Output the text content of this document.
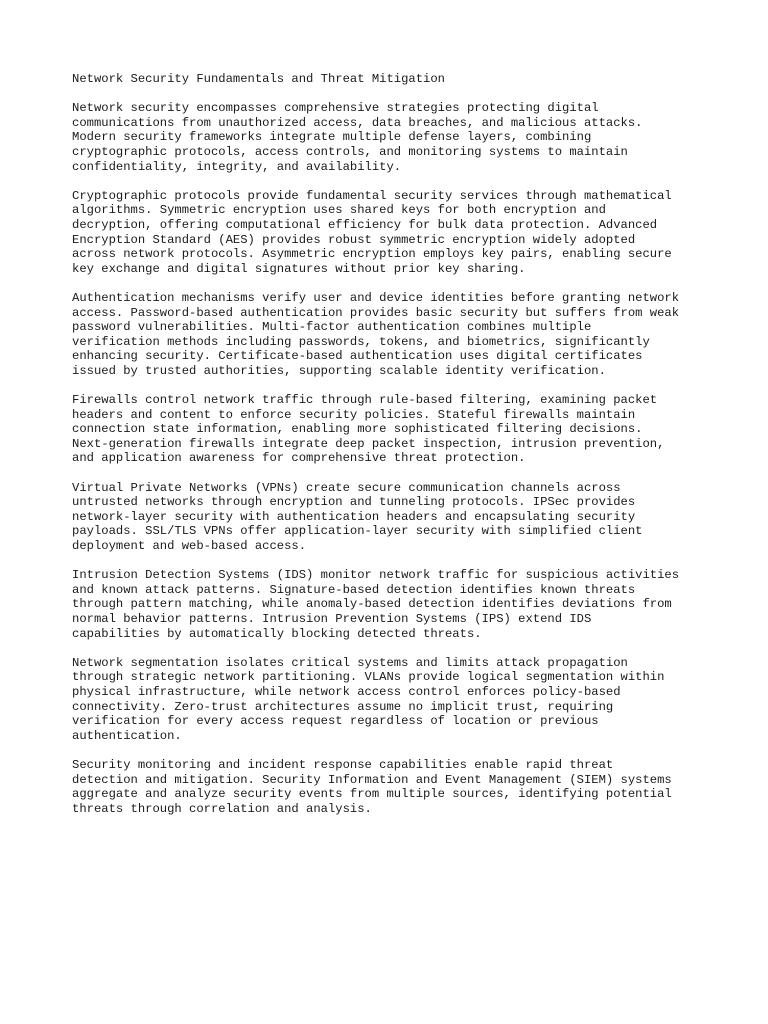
Network Security Fundamentals and Threat Mitigation
Network security encompasses comprehensive strategies protecting digital
communications from unauthorized access, data breaches, and malicious attacks.
Modern security frameworks integrate multiple defense layers, combining
cryptographic protocols, access controls, and monitoring systems to maintain
confidentiality, integrity, and availability.
Cryptographic protocols provide fundamental security services through mathematical
algorithms. Symmetric encryption uses shared keys for both encryption and
decryption, offering computational efficiency for bulk data protection. Advanced
Encryption Standard (AES) provides robust symmetric encryption widely adopted
across network protocols. Asymmetric encryption employs key pairs, enabling secure
key exchange and digital signatures without prior key sharing.
Authentication mechanisms verify user and device identities before granting network
access. Password-based authentication provides basic security but suffers from weak
password vulnerabilities. Multi-factor authentication combines multiple
verification methods including passwords, tokens, and biometrics, significantly
enhancing security. Certificate-based authentication uses digital certificates
issued by trusted authorities, supporting scalable identity verification.
Firewalls control network traffic through rule-based filtering, examining packet
headers and content to enforce security policies. Stateful firewalls maintain
connection state information, enabling more sophisticated filtering decisions.
Next-generation firewalls integrate deep packet inspection, intrusion prevention,
and application awareness for comprehensive threat protection.
Virtual Private Networks (VPNs) create secure communication channels across
untrusted networks through encryption and tunneling protocols. IPSec provides
network-layer security with authentication headers and encapsulating security
payloads. SSL/TLS VPNs offer application-layer security with simplified client
deployment and web-based access.
Intrusion Detection Systems (IDS) monitor network traffic for suspicious activities
and known attack patterns. Signature-based detection identifies known threats
through pattern matching, while anomaly-based detection identifies deviations from
normal behavior patterns. Intrusion Prevention Systems (IPS) extend IDS
capabilities by automatically blocking detected threats.
Network segmentation isolates critical systems and limits attack propagation
through strategic network partitioning. VLANs provide logical segmentation within
physical infrastructure, while network access control enforces policy-based
connectivity. Zero-trust architectures assume no implicit trust, requiring
verification for every access request regardless of location or previous
authentication.
Security monitoring and incident response capabilities enable rapid threat
detection and mitigation. Security Information and Event Management (SIEM) systems
aggregate and analyze security events from multiple sources, identifying potential
threats through correlation and analysis.
